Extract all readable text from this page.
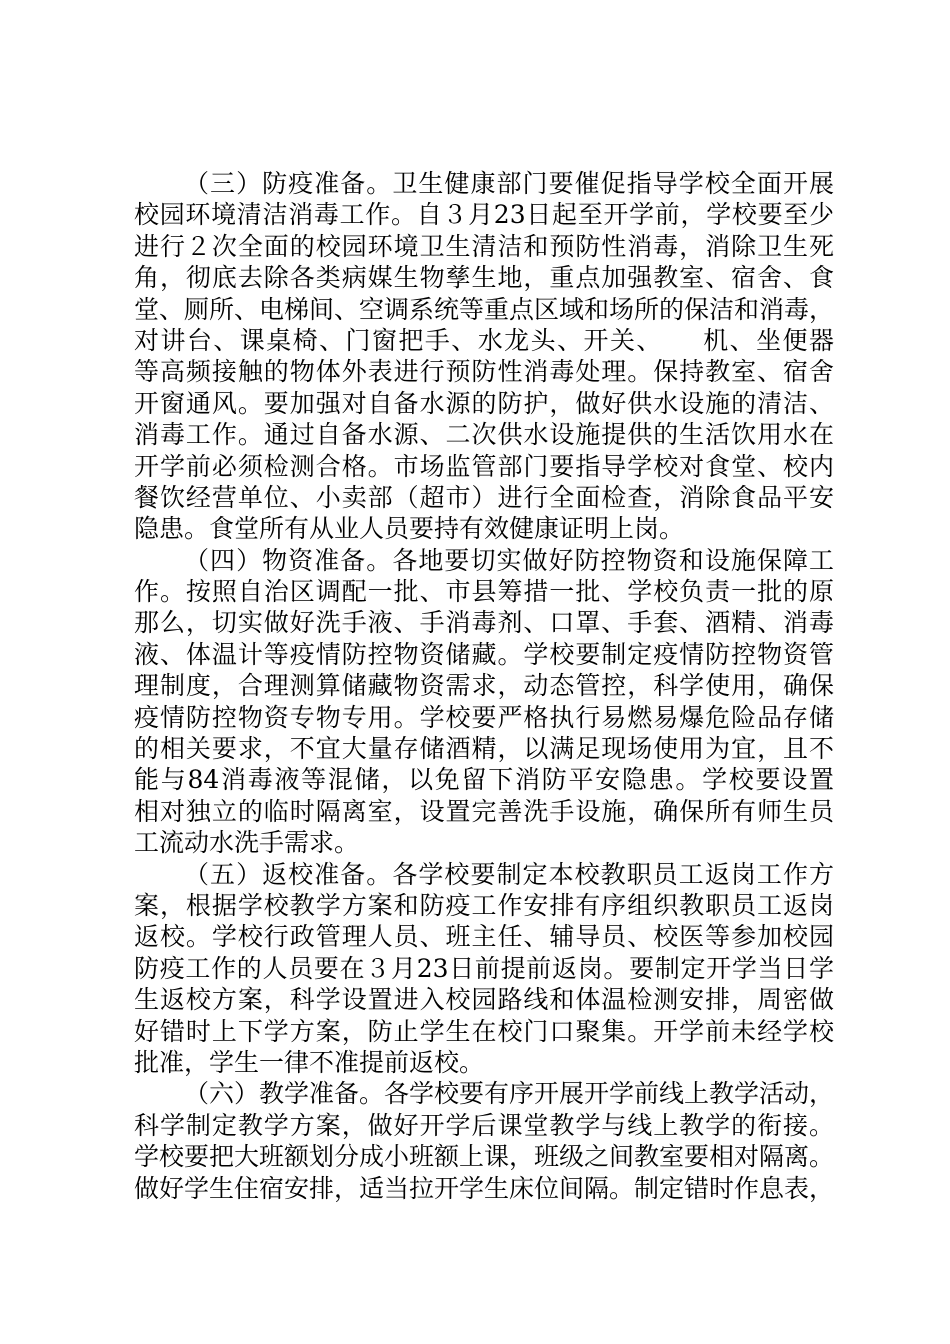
（三）防疫准备。卫生健康部门要催促指导学校全面开展
校园环境清洁消毒工作。自３月23日起至开学前，学校要至少
进行２次全面的校园环境卫生清洁和预防性消毒，消除卫生死
角，彻底去除各类病媒生物孳生地，重点加强教室、宿舍、食
堂、厕所、电梯间、空调系统等重点区域和场所的保洁和消毒，
对讲台、课桌椅、门窗把手、水龙头、开关、　　机、坐便器
等高频接触的物体外表进行预防性消毒处理。保持教室、宿舍
开窗通风。要加强对自备水源的防护，做好供水设施的清洁、
消毒工作。通过自备水源、二次供水设施提供的生活饮用水在
开学前必须检测合格。市场监管部门要指导学校对食堂、校内
餐饮经营单位、小卖部（超市）进行全面检查，消除食品平安
隐患。食堂所有从业人员要持有效健康证明上岗。
（四）物资准备。各地要切实做好防控物资和设施保障工
作。按照自治区调配一批、市县筹措一批、学校负责一批的原
那么，切实做好洗手液、手消毒剂、口罩、手套、酒精、消毒
液、体温计等疫情防控物资储藏。学校要制定疫情防控物资管
理制度，合理测算储藏物资需求，动态管控，科学使用，确保
疫情防控物资专物专用。学校要严格执行易燃易爆危险品存储
的相关要求，不宜大量存储酒精，以满足现场使用为宜，且不
能与84消毒液等混储，以免留下消防平安隐患。学校要设置
相对独立的临时隔离室，设置完善洗手设施，确保所有师生员
工流动水洗手需求。
（五）返校准备。各学校要制定本校教职员工返岗工作方
案，根据学校教学方案和防疫工作安排有序组织教职员工返岗
返校。学校行政管理人员、班主任、辅导员、校医等参加校园
防疫工作的人员要在３月23日前提前返岗。要制定开学当日学
生返校方案，科学设置进入校园路线和体温检测安排，周密做
好错时上下学方案，防止学生在校门口聚集。开学前未经学校
批准，学生一律不准提前返校。
（六）教学准备。各学校要有序开展开学前线上教学活动，
科学制定教学方案，做好开学后课堂教学与线上教学的衔接。
学校要把大班额划分成小班额上课，班级之间教室要相对隔离。
做好学生住宿安排，适当拉开学生床位间隔。制定错时作息表，
